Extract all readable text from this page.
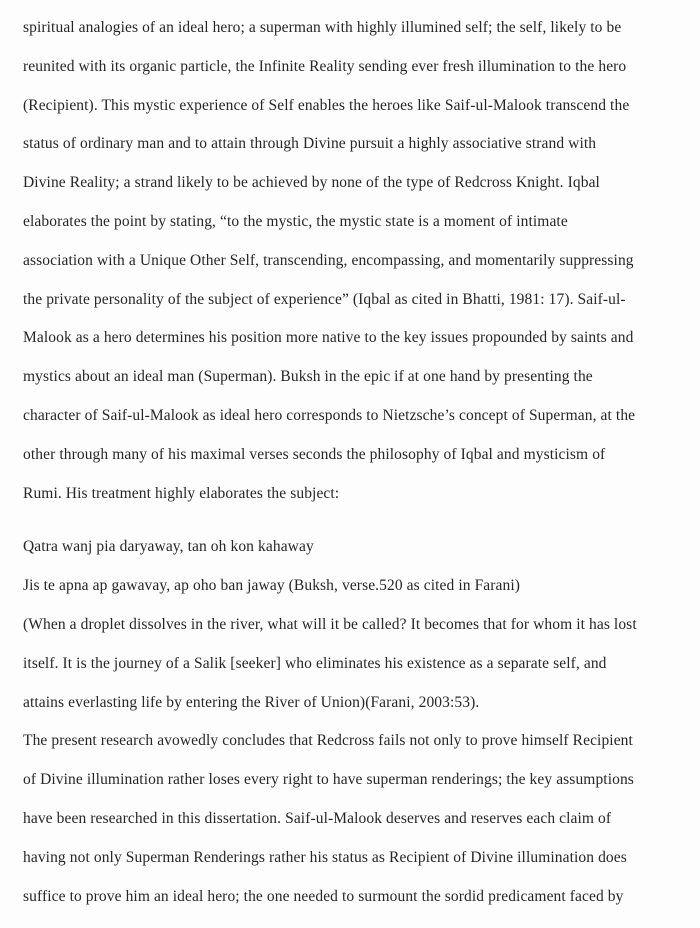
spiritual analogies of an ideal hero; a superman with highly illumined self; the self, likely to be
reunited with its organic particle, the Infinite Reality sending ever fresh illumination to the hero
(Recipient). This mystic experience of Self enables the heroes like Saif-ul-Malook transcend the
status of ordinary man and to attain through Divine pursuit a highly associative strand with
Divine Reality; a strand likely to be achieved by none of the type of Redcross Knight. Iqbal
elaborates the point by stating, “to the mystic, the mystic state is a moment of intimate
association with a Unique Other Self, transcending, encompassing, and momentarily suppressing
the private personality of the subject of experience” (Iqbal as cited in Bhatti, 1981: 17). Saif-ul-
Malook as a hero determines his position more native to the key issues propounded by saints and
mystics about an ideal man (Superman). Buksh in the epic if at one hand by presenting the
character of Saif-ul-Malook as ideal hero corresponds to Nietzsche’s concept of Superman, at the
other through many of his maximal verses seconds the philosophy of Iqbal and mysticism of
Rumi. His treatment highly elaborates the subject:
Qatra wanj pia daryaway, tan oh kon kahaway
Jis te apna ap gawavay, ap oho ban jaway (Buksh, verse.520 as cited in Farani)
(When a droplet dissolves in the river, what will it be called? It becomes that for whom it has lost
itself. It is the journey of a Salik [seeker] who eliminates his existence as a separate self, and
attains everlasting life by entering the River of Union)(Farani, 2003:53).
The present research avowedly concludes that Redcross fails not only to prove himself Recipient
of Divine illumination rather loses every right to have superman renderings; the key assumptions
have been researched in this dissertation. Saif-ul-Malook deserves and reserves each claim of
having not only Superman Renderings rather his status as Recipient of Divine illumination does
suffice to prove him an ideal hero; the one needed to surmount the sordid predicament faced by
